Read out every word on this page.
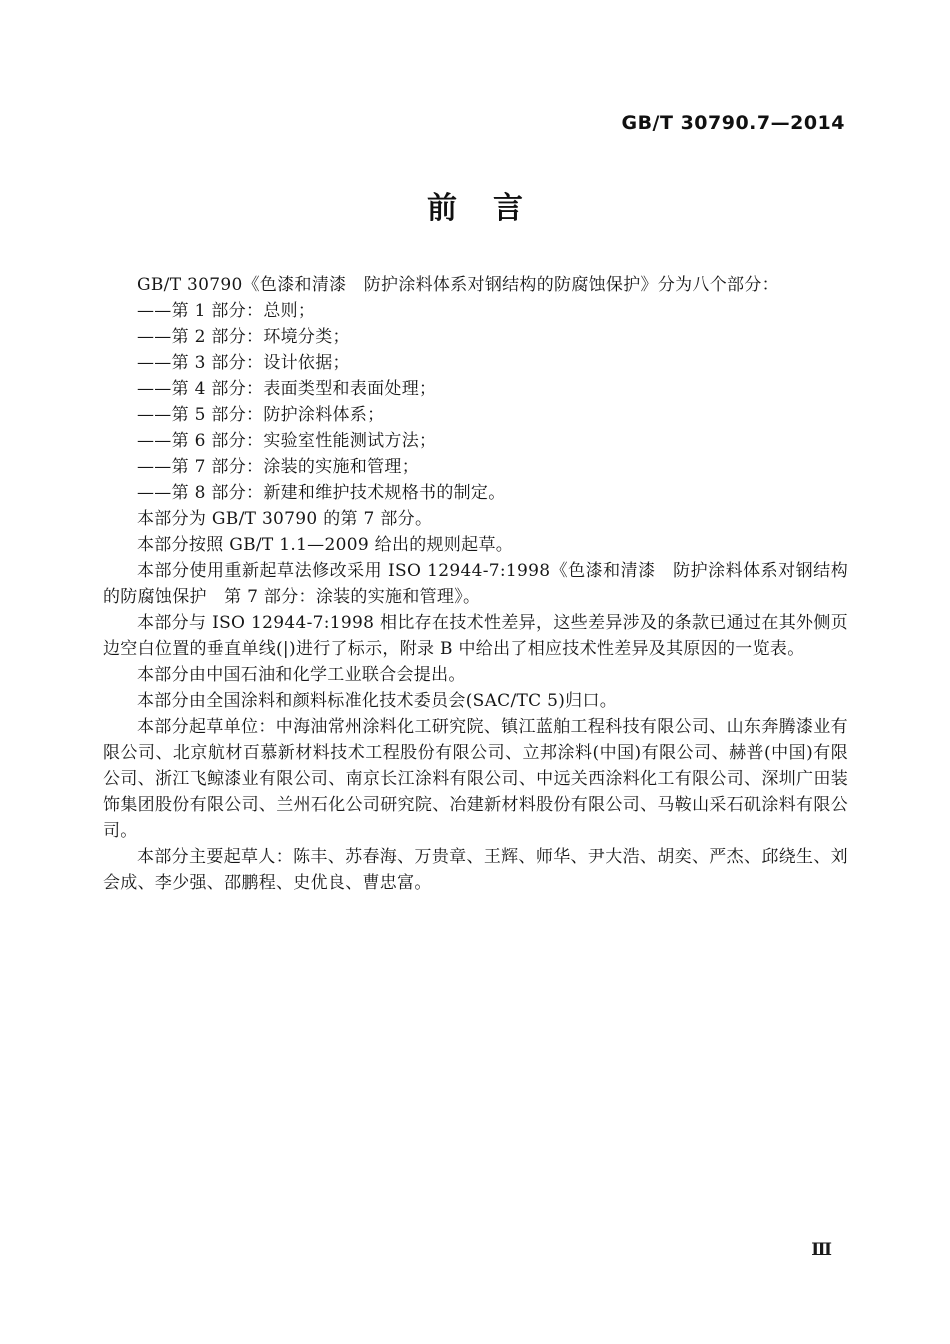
GB/T 30790.7—2014
前 言

GB/T 30790《色漆和清漆　防护涂料体系对钢结构的防腐蚀保护》分为八个部分：

——第 1 部分：总则；

——第 2 部分：环境分类；

——第 3 部分：设计依据；

——第 4 部分：表面类型和表面处理；

——第 5 部分：防护涂料体系；

——第 6 部分：实验室性能测试方法；

——第 7 部分：涂装的实施和管理；

——第 8 部分：新建和维护技术规格书的制定。

本部分为 GB/T 30790 的第 7 部分。

本部分按照 GB/T 1.1—2009 给出的规则起草。

本部分使用重新起草法修改采用 ISO 12944-7:1998《色漆和清漆　防护涂料体系对钢结构的防腐蚀保护　第 7 部分：涂装的实施和管理》。

本部分与 ISO 12944-7:1998 相比存在技术性差异，这些差异涉及的条款已通过在其外侧页边空白位置的垂直单线(|)进行了标示，附录 B 中给出了相应技术性差异及其原因的一览表。

本部分由中国石油和化学工业联合会提出。

本部分由全国涂料和颜料标准化技术委员会(SAC/TC 5)归口。

本部分起草单位：中海油常州涂料化工研究院、镇江蓝舶工程科技有限公司、山东奔腾漆业有限公司、北京航材百慕新材料技术工程股份有限公司、立邦涂料(中国)有限公司、赫普(中国)有限公司、浙江飞鲸漆业有限公司、南京长江涂料有限公司、中远关西涂料化工有限公司、深圳广田装饰集团股份有限公司、兰州石化公司研究院、冶建新材料股份有限公司、马鞍山采石矶涂料有限公司。

本部分主要起草人：陈丰、苏春海、万贵章、王辉、师华、尹大浩、胡奕、严杰、邱绕生、刘会成、李少强、邵鹏程、史优良、曹忠富。

Ⅲ
